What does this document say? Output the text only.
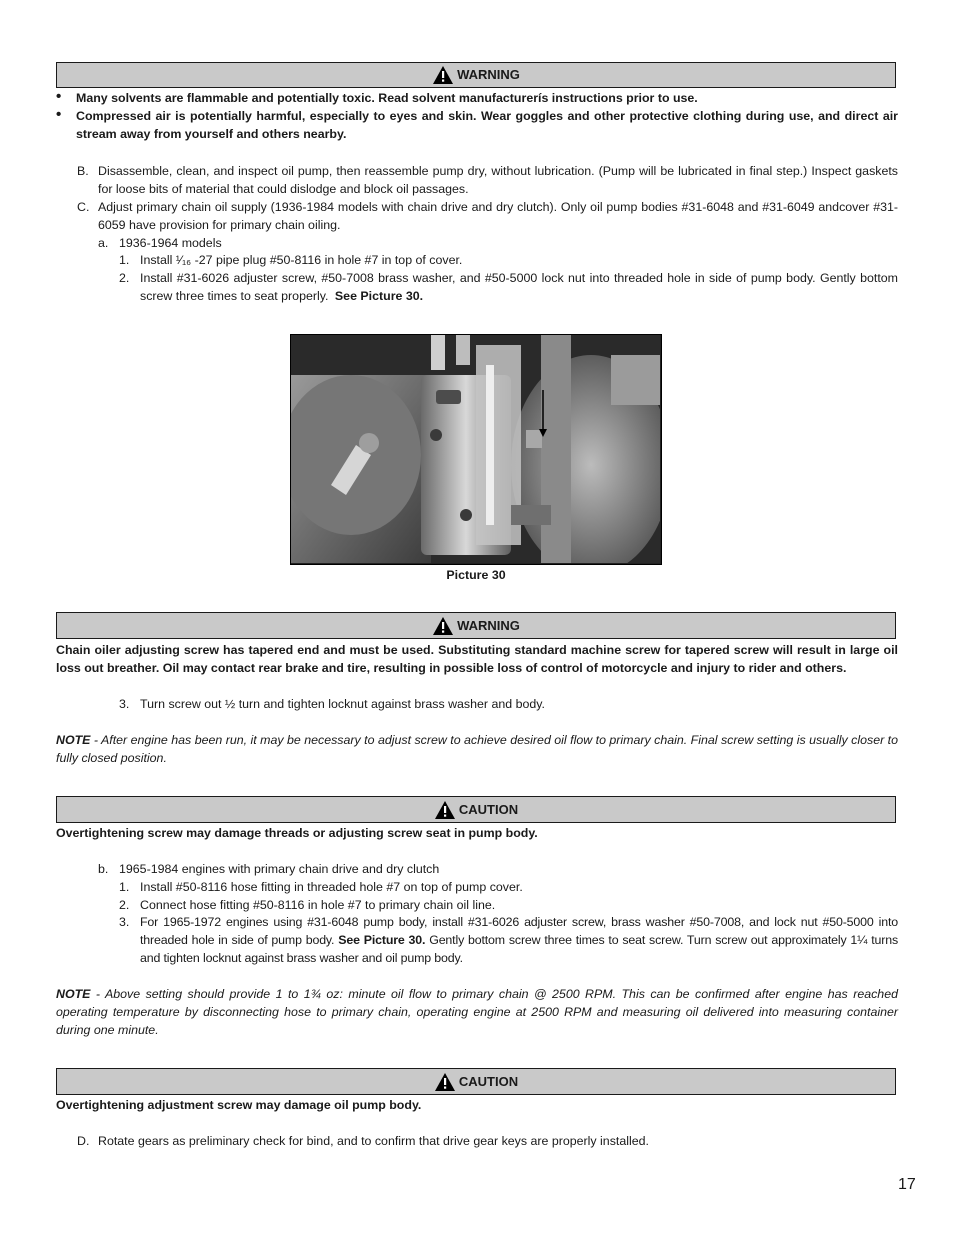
WARNING
• Many solvents are flammable and potentially toxic. Read solvent manufacturerís instructions prior to use.
• Compressed air is potentially harmful, especially to eyes and skin. Wear goggles and other protective clothing during use, and direct air stream away from yourself and others nearby.
B. Disassemble, clean, and inspect oil pump, then reassemble pump dry, without lubrication. (Pump will be lubricated in final step.) Inspect gaskets for loose bits of material that could dislodge and block oil passages.
C. Adjust primary chain oil supply (1936-1984 models with chain drive and dry clutch). Only oil pump bodies #31-6048 and #31-6049 andcover #31-6059 have provision for primary chain oiling.
a. 1936-1964 models
1. Install ¹⁄₁₆ -27 pipe plug #50-8116 in hole #7 in top of cover.
2. Install #31-6026 adjuster screw, #50-7008 brass washer, and #50-5000 lock nut into threaded hole in side of pump body. Gently bottom screw three times to seat properly. See Picture 30.
Picture 30
WARNING
Chain oiler adjusting screw has tapered end and must be used. Substituting standard machine screw for tapered screw will result in large oil loss out breather. Oil may contact rear brake and tire, resulting in possible loss of control of motorcycle and injury to rider and others.
3. Turn screw out ½ turn and tighten locknut against brass washer and body.
NOTE - After engine has been run, it may be necessary to adjust screw to achieve desired oil flow to primary chain. Final screw setting is usually closer to fully closed position.
CAUTION
Overtightening screw may damage threads or adjusting screw seat in pump body.
b. 1965-1984 engines with primary chain drive and dry clutch
1. Install #50-8116 hose fitting in threaded hole #7 on top of pump cover.
2. Connect hose fitting #50-8116 in hole #7 to primary chain oil line.
3. For 1965-1972 engines using #31-6048 pump body, install #31-6026 adjuster screw, brass washer #50-7008, and lock nut #50-5000 into threaded hole in side of pump body. See Picture 30. Gently bottom screw three times to seat screw. Turn screw out approximately 1¼ turns and tighten locknut against brass washer and oil pump body.
NOTE - Above setting should provide 1 to 1¾ oz: minute oil flow to primary chain @ 2500 RPM. This can be confirmed after engine has reached operating temperature by disconnecting hose to primary chain, operating engine at 2500 RPM and measuring oil delivered into measuring container during one minute.
CAUTION
Overtightening adjustment screw may damage oil pump body.
D. Rotate gears as preliminary check for bind, and to confirm that drive gear keys are properly installed.
17
